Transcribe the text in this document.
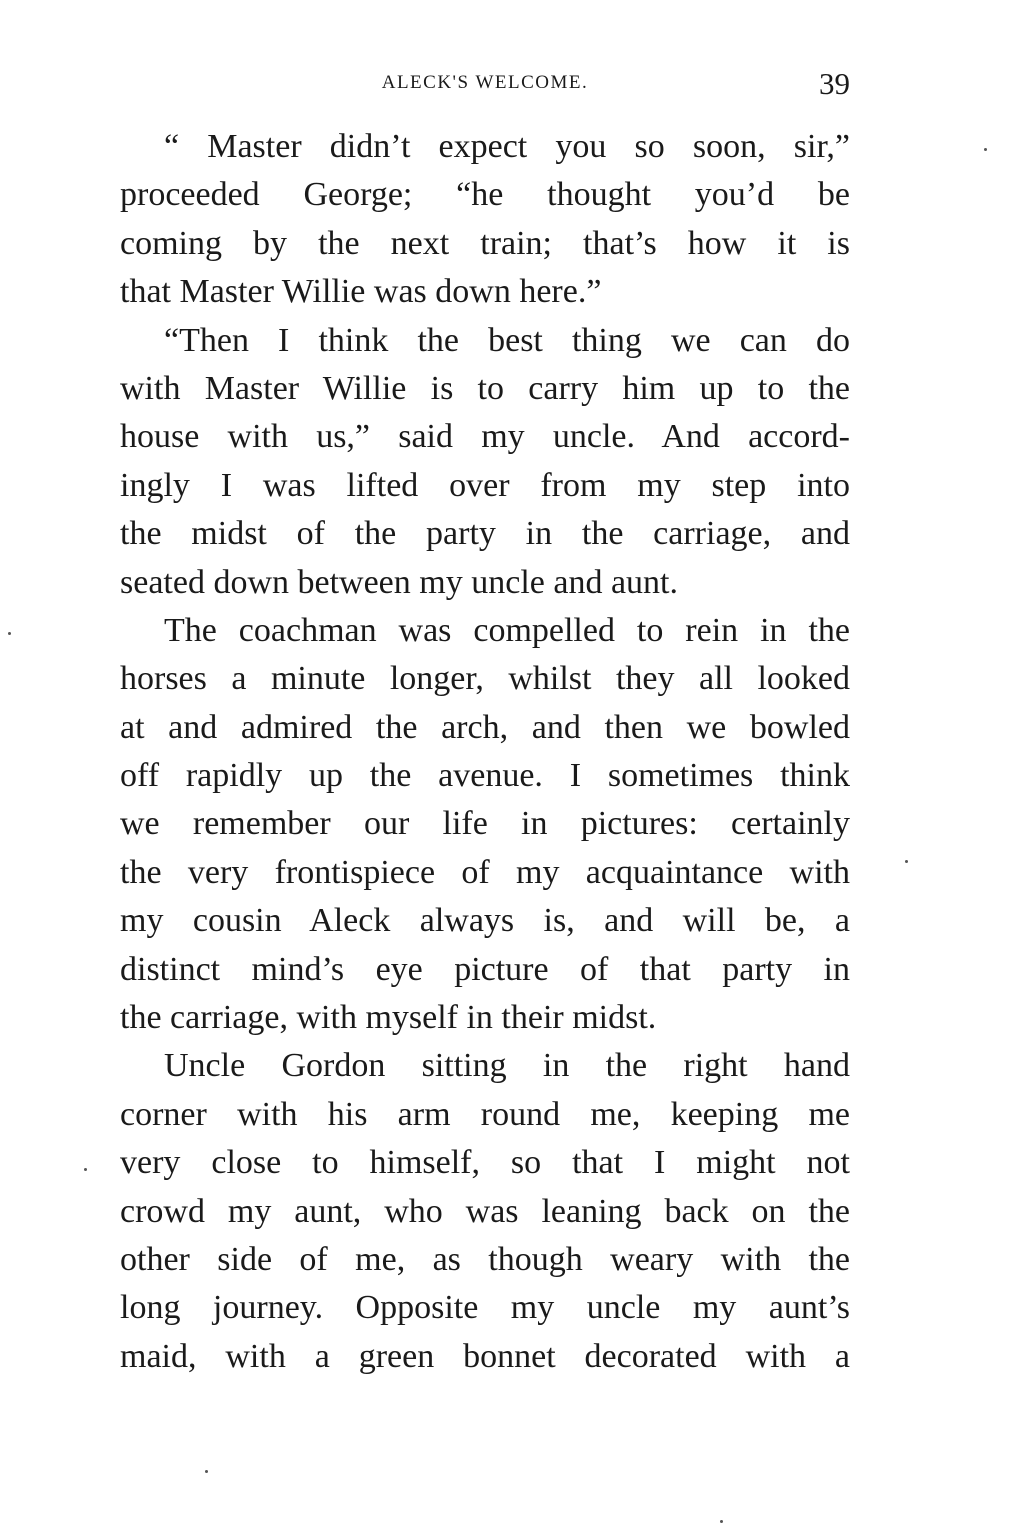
ALECK'S WELCOME.	39
“ Master didn’t expect you so soon, sir,”
proceeded George; “he thought you’d be
coming by the next train; that’s how it is
that Master Willie was down here.”
“Then I think the best thing we can do
with Master Willie is to carry him up to the
house with us,” said my uncle. And accord-
ingly I was lifted over from my step into
the midst of the party in the carriage, and
seated down between my uncle and aunt.
The coachman was compelled to rein in the
horses a minute longer, whilst they all looked
at and admired the arch, and then we bowled
off rapidly up the avenue. I sometimes think
we remember our life in pictures: certainly
the very frontispiece of my acquaintance with
my cousin Aleck always is, and will be, a
distinct mind’s eye picture of that party in
the carriage, with myself in their midst.
Uncle Gordon sitting in the right hand
corner with his arm round me, keeping me
very close to himself, so that I might not
crowd my aunt, who was leaning back on the
other side of me, as though weary with the
long journey. Opposite my uncle my aunt’s
maid, with a green bonnet decorated with a
